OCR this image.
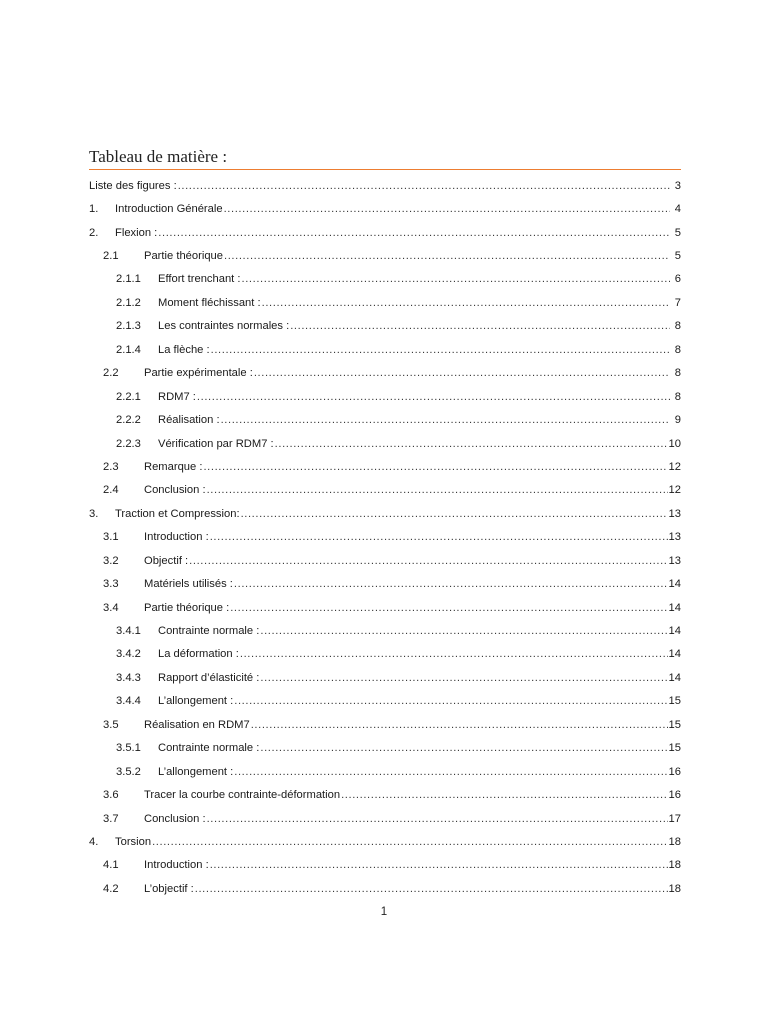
Tableau de matière :
Liste des figures : .....	3
1.	Introduction Générale .....	4
2.	Flexion : .....	5
2.1	Partie théorique .....	5
2.1.1	Effort trenchant : .....	6
2.1.2	Moment fléchissant : .....	7
2.1.3	Les contraintes normales : .....	8
2.1.4	La flèche : .....	8
2.2	Partie expérimentale : .....	8
2.2.1	RDM7 : .....	8
2.2.2	Réalisation : .....	9
2.2.3	Vérification par RDM7 : .....	10
2.3	Remarque : .....	12
2.4	Conclusion : .....	12
3.	Traction et Compression: .....	13
3.1	Introduction : .....	13
3.2	Objectif : .....	13
3.3	Matériels utilisés : .....	14
3.4	Partie théorique : .....	14
3.4.1	Contrainte normale : .....	14
3.4.2	La déformation : .....	14
3.4.3	Rapport d’élasticité : .....	14
3.4.4	L’allongement : .....	15
3.5	Réalisation en RDM7 .....	15
3.5.1	Contrainte normale : .....	15
3.5.2	L’allongement : .....	16
3.6	Tracer la courbe contrainte-déformation .....	16
3.7	Conclusion : .....	17
4.	Torsion .....	18
4.1	Introduction : .....	18
4.2	L’objectif : .....	18
1
